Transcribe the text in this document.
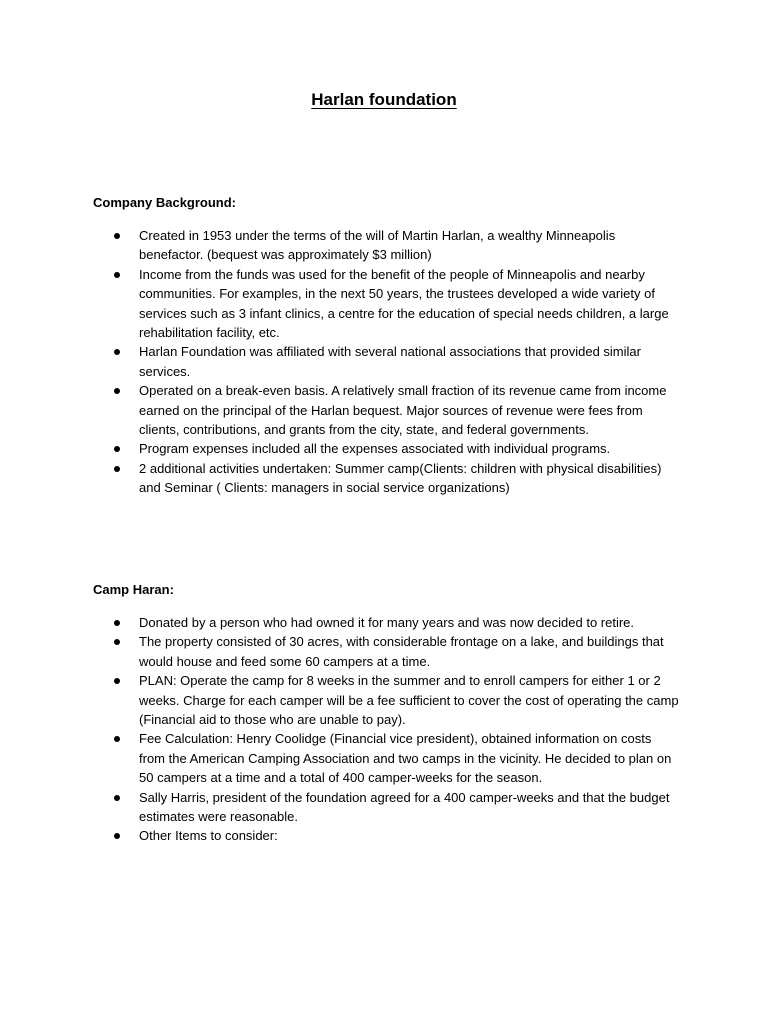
Harlan foundation
Company Background:
Created in 1953 under the terms of the will of Martin Harlan, a wealthy Minneapolis benefactor. (bequest was approximately $3 million)
Income from the funds was used for the benefit of the people of Minneapolis and nearby communities. For examples, in the next 50 years, the trustees developed a wide variety of services such as 3 infant clinics, a centre for the education of special needs children, a large rehabilitation facility, etc.
Harlan Foundation was affiliated with several national associations that provided similar services.
Operated on a break-even basis. A relatively small fraction of its revenue came from income earned on the principal of the Harlan bequest. Major sources of revenue were fees from clients, contributions, and grants from the city, state, and federal governments.
Program expenses included all the expenses associated with individual programs.
2 additional activities undertaken: Summer camp(Clients: children with physical disabilities) and Seminar ( Clients: managers in social service organizations)
Camp Haran:
Donated by a person who had owned it for many years and was now decided to retire.
The property consisted of 30 acres, with considerable frontage on a lake, and buildings that would house and feed some 60 campers at a time.
PLAN: Operate the camp for 8 weeks in the summer and to enroll campers for either 1 or 2 weeks. Charge for each camper will be a fee sufficient to cover the cost of operating the camp (Financial aid to those who are unable to pay).
Fee Calculation: Henry Coolidge (Financial vice president), obtained information on costs from the American Camping Association and two camps in the vicinity. He decided to plan on 50 campers at a time and a total of 400 camper-weeks for the season.
Sally Harris, president of the foundation agreed for a 400 camper-weeks and that the budget estimates were reasonable.
Other Items to consider:
